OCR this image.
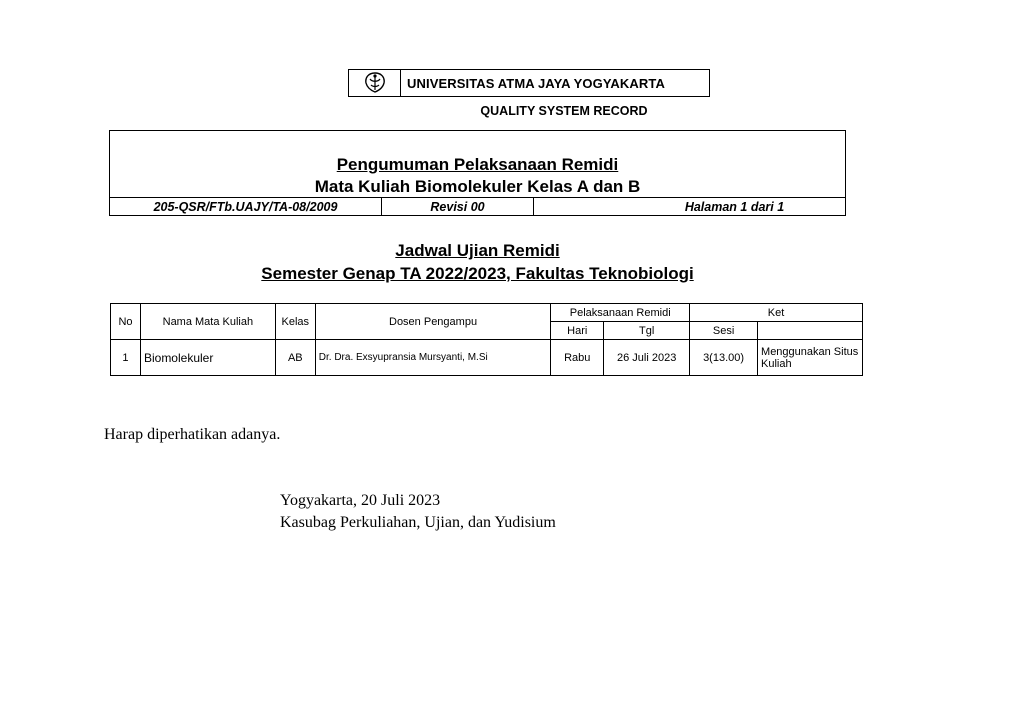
UNIVERSITAS ATMA JAYA YOGYAKARTA
QUALITY SYSTEM RECORD
Pengumuman Pelaksanaan Remidi
Mata Kuliah Biomolekuler Kelas A dan B
205-QSR/FTb.UAJY/TA-08/2009	Revisi 00	Halaman 1 dari 1
Jadwal Ujian Remidi
Semester Genap TA 2022/2023, Fakultas Teknobiologi
No	Nama Mata Kuliah	Kelas	Dosen Pengampu	Pelaksanaan Remidi		Ket	
				Hari	Tgl	Sesi	
1	Biomolekuler	AB	Dr. Dra. Exsyupransia Mursyanti, M.Si	Rabu	26 Juli 2023	3(13.00)	Menggunakan Situs Kuliah
Harap diperhatikan adanya.
Yogyakarta, 20 Juli 2023
Kasubag Perkuliahan, Ujian, dan Yudisium
